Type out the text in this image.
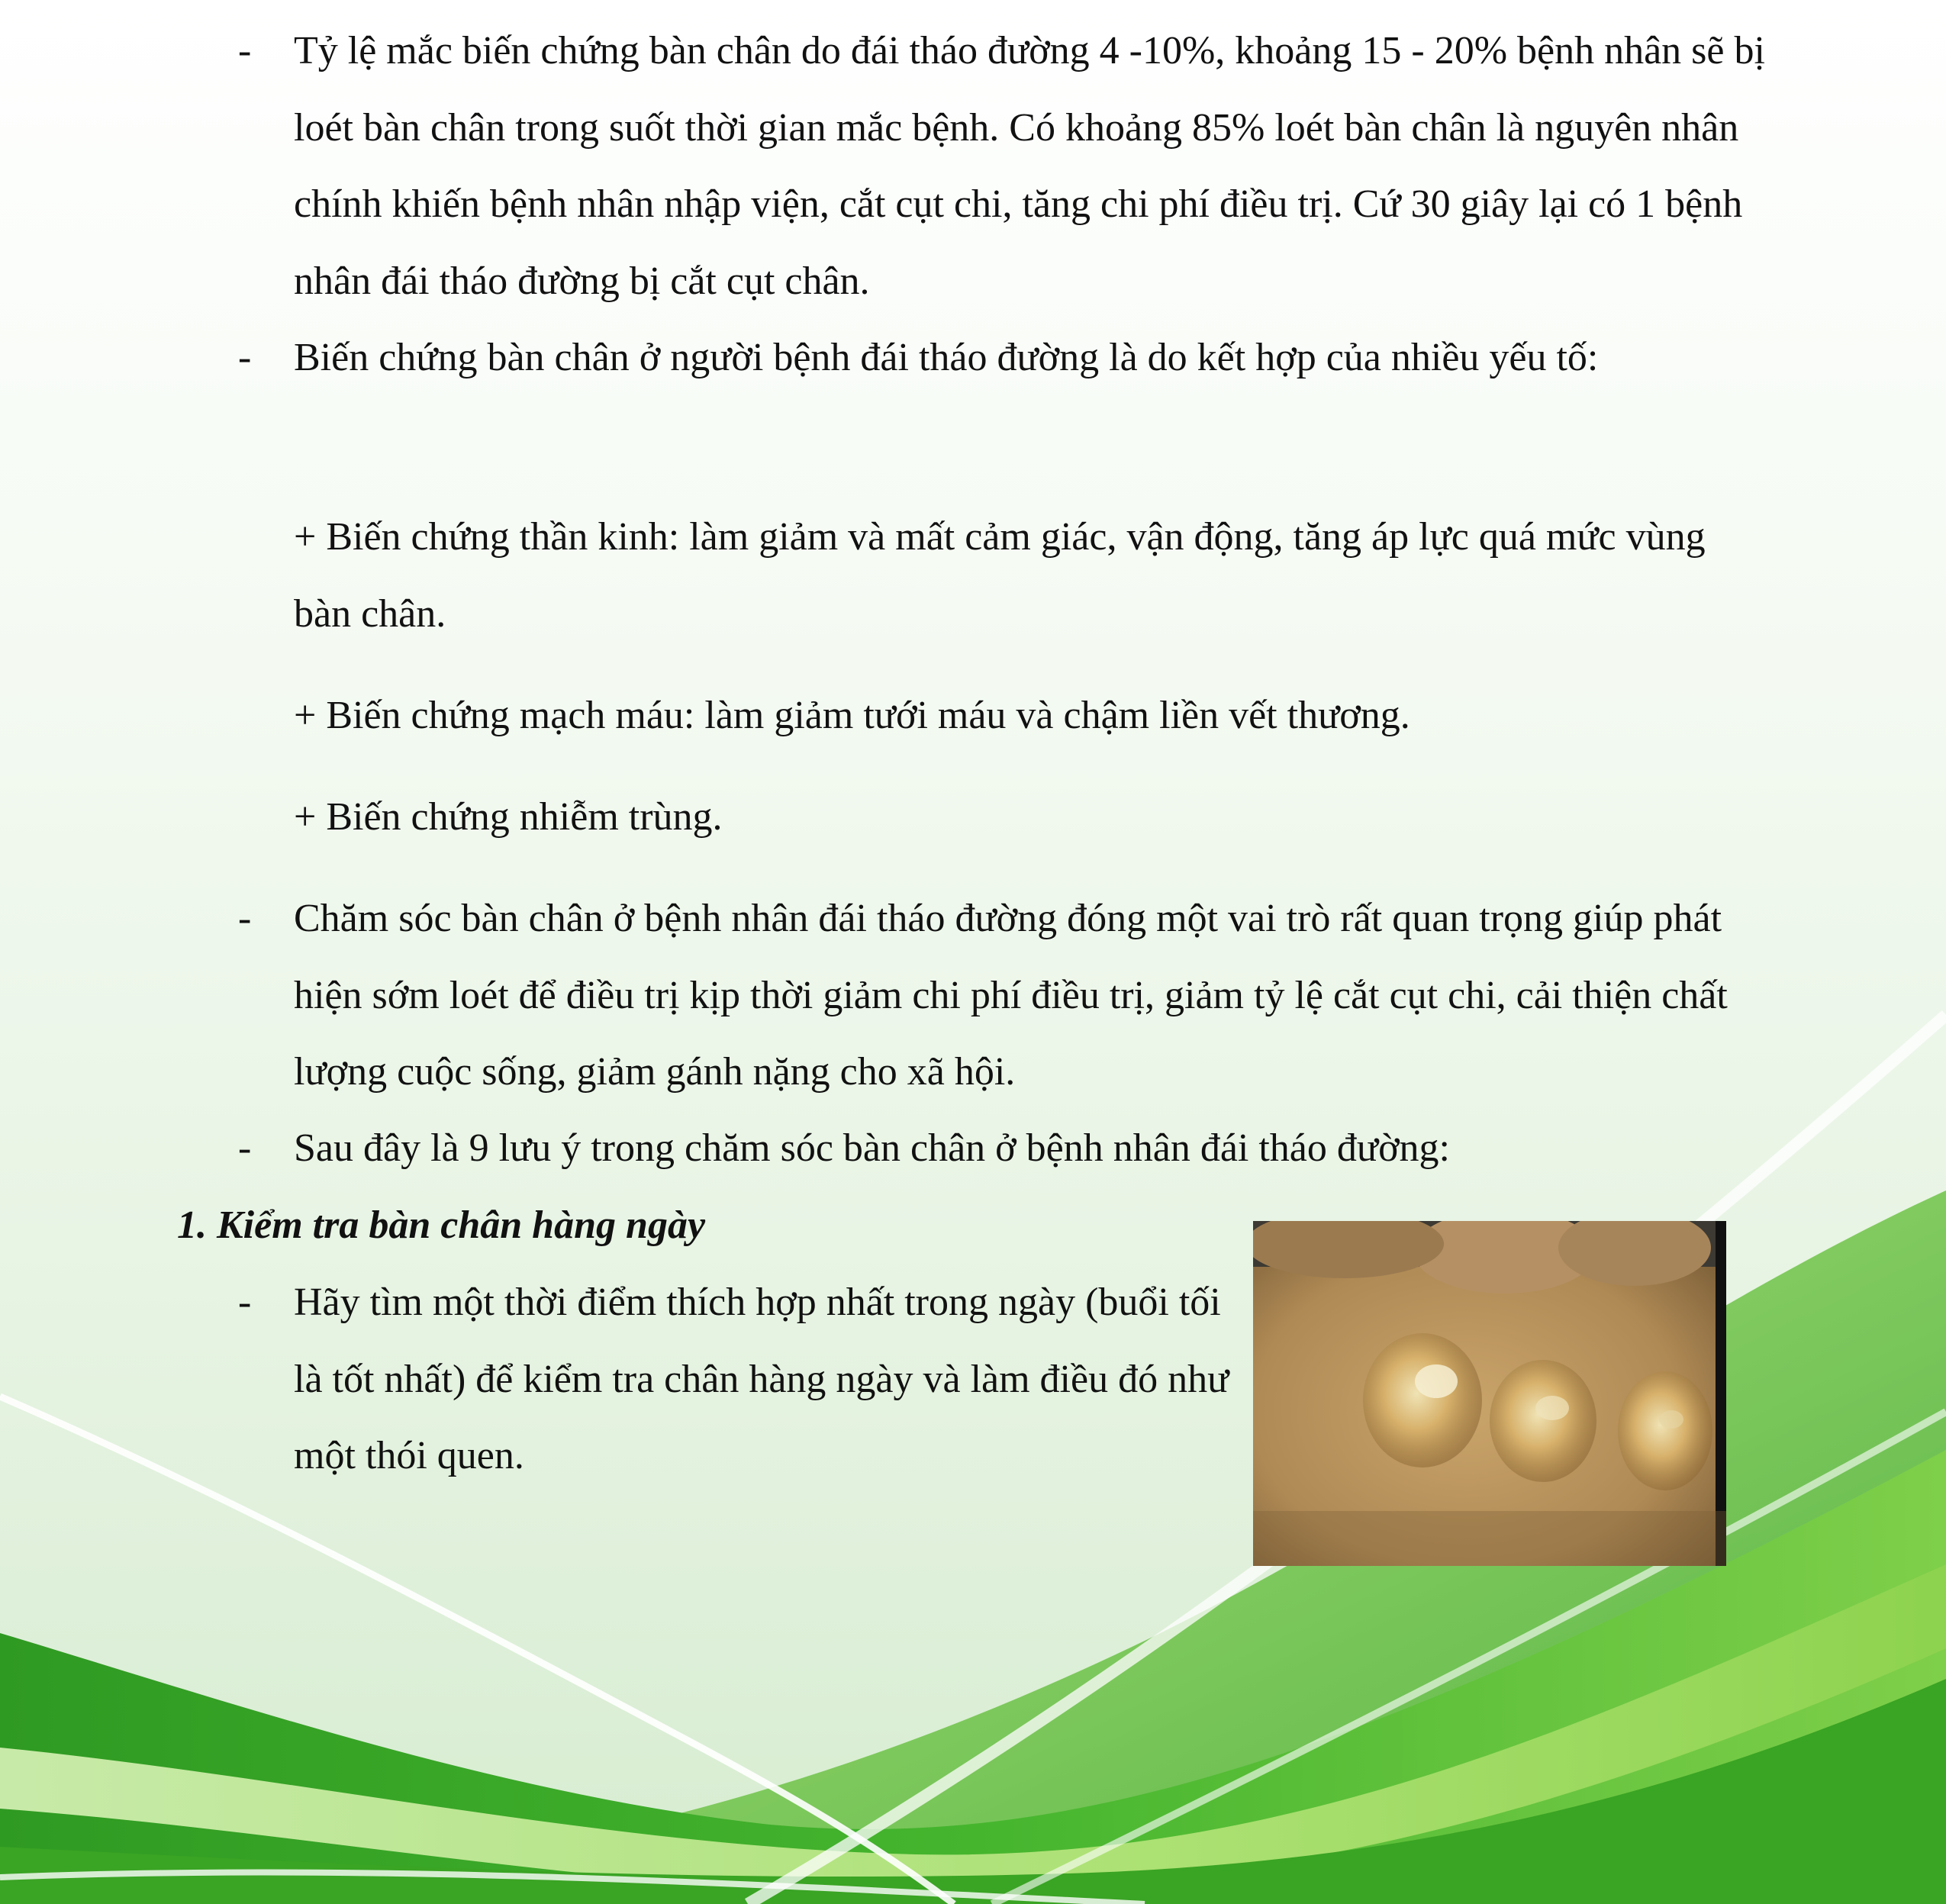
- Tỷ lệ mắc biến chứng bàn chân do đái tháo đường 4 -10%, khoảng 15 - 20% bệnh nhân sẽ bị loét bàn chân trong suốt thời gian mắc bệnh. Có khoảng 85% loét bàn chân là nguyên nhân chính khiến bệnh nhân nhập viện, cắt cụt chi, tăng chi phí điều trị. Cứ 30 giây lại có 1 bệnh nhân đái tháo đường bị cắt cụt chân.

- Biến chứng bàn chân ở người bệnh đái tháo đường là do kết hợp của nhiều yếu tố:

+ Biến chứng thần kinh: làm giảm và mất cảm giác, vận động, tăng áp lực quá mức vùng bàn chân.

+ Biến chứng mạch máu: làm giảm tưới máu và chậm liền vết thương.

+ Biến chứng nhiễm trùng.

- Chăm sóc bàn chân ở bệnh nhân đái tháo đường đóng một vai trò rất quan trọng giúp phát hiện sớm loét để điều trị kịp thời giảm chi phí điều trị, giảm tỷ lệ cắt cụt chi, cải thiện chất lượng cuộc sống, giảm gánh nặng cho xã hội.

- Sau đây là 9 lưu ý trong chăm sóc bàn chân ở bệnh nhân đái tháo đường:

1. Kiểm tra bàn chân hàng ngày

- Hãy tìm một thời điểm thích hợp nhất trong ngày (buổi tối là tốt nhất) để kiểm tra chân hàng ngày và làm điều đó như một thói quen.
